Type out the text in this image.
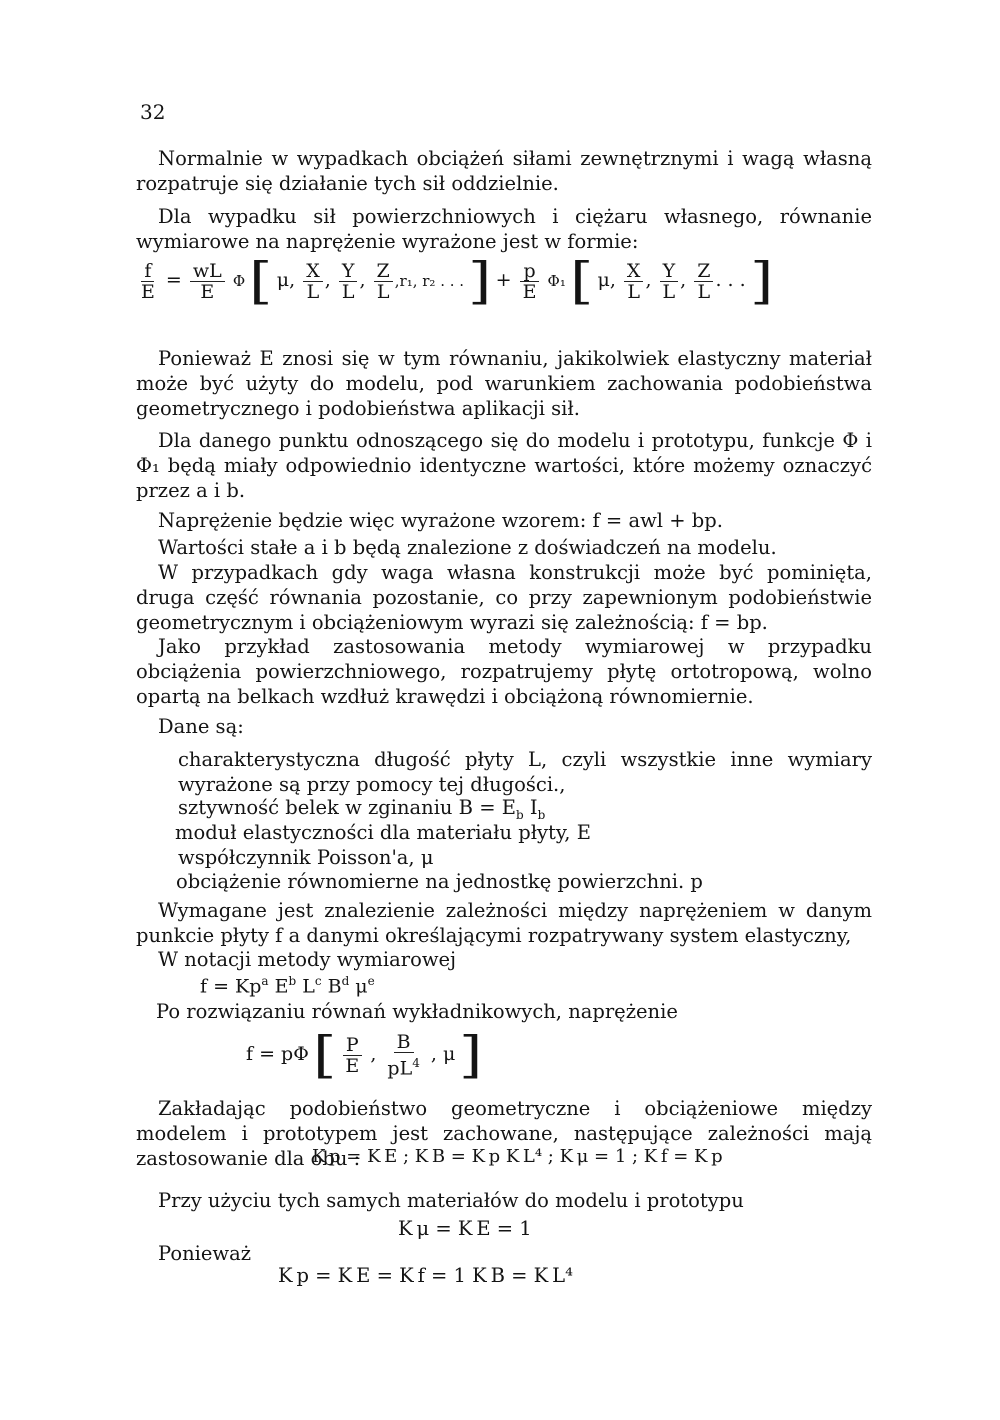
32

Normalnie w wypadkach obciążeń siłami zewnętrznymi i wagą własną rozpatruje się działanie tych sił oddzielnie.

Dla wypadku sił powierzchniowych i ciężaru własnego, równanie wymiarowe na naprężenie wyrażone jest w formie:

$\frac{f}{E} = \frac{wL}{E}$ Φ [ μ, $\frac{X}{L}$ , $\frac{Y}{L}$ , $\frac{Z}{L} ,r_1$, r₂ . . . ] + $\frac{p}{E} \Phi_1$ [ μ, $\frac{X}{L}$ , $\frac{Y}{L}$ , $\frac{Z}{L}$ . . . ]

Ponieważ E znosi się w tym równaniu, jakikolwiek elastyczny materiał może być użyty do modelu, pod warunkiem zachowania podobieństwa geometrycznego i podobieństwa aplikacji sił.

Dla danego punktu odnoszącego się do modelu i prototypu, funkcje Φ i Φ₁ będą miały odpowiednio identyczne wartości, które możemy oznaczyć przez a i b.

Naprężenie będzie więc wyrażone wzorem: f = awl + bp.

Wartości stałe a i b będą znalezione z doświadczeń na modelu.

W przypadkach gdy waga własna konstrukcji może być pominięta, druga część równania pozostanie, co przy zapewnionym podobieństwie geometrycznym i obciążeniowym wyrazi się zależnością: f = bp.

Jako przykład zastosowania metody wymiarowej w przypadku obciążenia powierzchniowego, rozpatrujemy płytę ortotropową, wolno opartą na belkach wzdłuż krawędzi i obciążoną równomiernie.

Dane są:

charakterystyczna długość płyty L, czyli wszystkie inne wymiary wyrażone są przy pomocy tej długości.,

sztywność belek w zginaniu $B = E_b$ $I_b$
moduł elastyczności dla materiału płyty, E
współczynnik Poisson'a, μ
obciążenie równomierne na jednostkę powierzchni. p

Wymagane jest znalezienie zależności między naprężeniem w danym punkcie płyty f a danymi określającymi rozpatrywany system elastyczny,

W notacji metody wymiarowej
$f = Kp^a$ $E^b$ $L^c$ $B^d$ $\mu^e$
Po rozwiązaniu równań wykładnikowych, naprężenie
f = pΦ [ $\frac{P}{E}$ , $\frac{B}{pL^4}$ , μ ]

Zakładając podobieństwo geometryczne i obciążeniowe między modelem i prototypem jest zachowane, następujące zależności mają zastosowanie dla obu :

K p = K E ; K B = K p K L⁴ ; K μ = 1 ; K f = K p
Przy użyciu tych samych materiałów do modelu i prototypu
K μ = K E = 1
Ponieważ
K p = K E = K f = 1 K B = K L⁴
